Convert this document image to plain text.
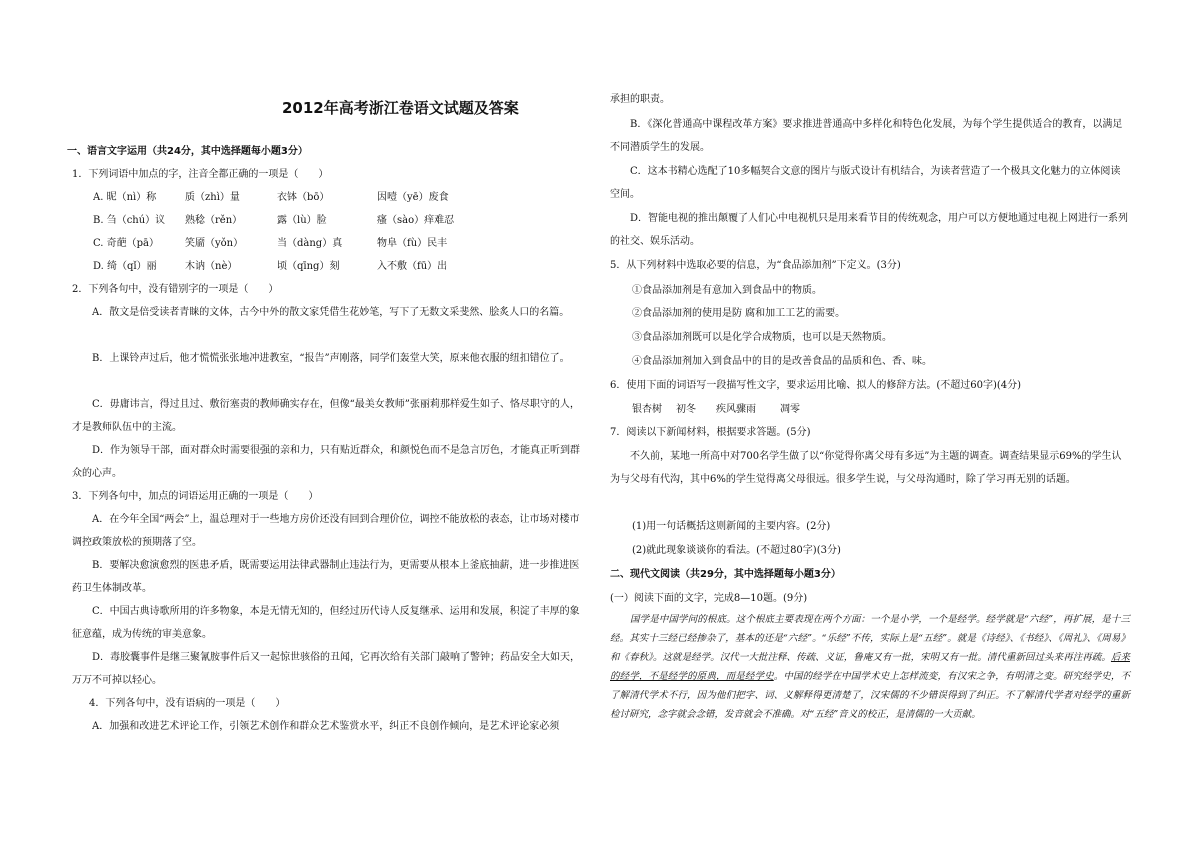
2012年高考浙江卷语文试题及答案

一、语言文字运用（共24分，其中选择题每小题3分）

1．下列词语中加点的字，注音全都正确的一项是（　　）

A. 昵（nì）称	质（zhì）量	衣钵（bō）	因噎（yē）废食

B. 刍（chú）议 熟稔（rěn）	露（lù）脸	瘙（sào）痒难忍

C. 奇葩（pā）	笑靥（yǒn）	当（dàng）真	物阜（fù）民丰

D. 绮（qǐ）丽	木讷（nè）	顷（qīng）刻	入不敷（fū）出

2．下列各句中，没有错别字的一项是（　　）

A．散文是倍受读者青睐的文体，古今中外的散文家凭借生花妙笔，写下了无数文采斐然、脍炙人口的名篇。

B．上课铃声过后，他才慌慌张张地冲进教室，“报告”声刚落，同学们轰堂大笑，原来他衣服的纽扣错位了。

C．毋庸讳言，得过且过、敷衍塞责的教师确实存在，但像“最美女教师”张丽莉那样爱生如子、恪尽职守的人，才是教师队伍中的主流。

D．作为领导干部，面对群众时需要很强的亲和力，只有贴近群众，和颜悦色而不是急言厉色，才能真正听到群众的心声。

3．下列各句中，加点的词语运用正确的一项是（　　）

A．在今年全国“两会”上，温总理对于一些地方房价还没有回到合理价位，调控不能放松的表态，让市场对楼市调控政策放松的预期落了空。

B．要解决愈演愈烈的医患矛盾，既需要运用法律武器制止违法行为，更需要从根本上釜底抽薪，进一步推进医药卫生体制改革。

C．中国古典诗歌所用的许多物象，本是无情无知的，但经过历代诗人反复继承、运用和发展，积淀了丰厚的象征意蕴，成为传统的审美意象。

D．毒胶囊事件是继三聚氰胺事件后又一起惊世骇俗的丑闻，它再次给有关部门敲响了警钟；药品安全大如天，万万不可掉以轻心。

4．下列各句中，没有语病的一项是（　　）

A．加强和改进艺术评论工作，引领艺术创作和群众艺术鉴赏水平，纠正不良创作倾向，是艺术评论家必须

承担的职责。

B．《深化普通高中课程改革方案》要求推进普通高中多样化和特色化发展，为每个学生提供适合的教育，以满足不同潜质学生的发展。

C．这本书精心选配了10多幅契合文意的图片与版式设计有机结合，为读者营造了一个极具文化魅力的立体阅读空间。

D．智能电视的推出颠覆了人们心中电视机只是用来看节目的传统观念，用户可以方便地通过电视上网进行一系列的社交、娱乐活动。

5．从下列材料中选取必要的信息，为“食品添加剂”下定义。(3分)

①食品添加剂是有意加入到食品中的物质。

②食品添加剂的使用是防 腐和加工工艺的需要。

③食品添加剂既可以是化学合成物质，也可以是天然物质。

④食品添加剂加入到食品中的目的是改善食品的品质和色、香、味。

6．使用下面的词语写一段描写性文字，要求运用比喻、拟人的修辞方法。(不超过60字)(4分)

银杏树 初冬 疾风骤雨 凋零

7．阅读以下新闻材料，根据要求答题。(5分)

不久前，某地一所高中对700名学生做了以“你觉得你离父母有多远”为主题的调查。调查结果显示69%的学生认为与父母有代沟，其中6%的学生觉得离父母很远。很多学生说，与父母沟通时，除了学习再无别的话题。

(1)用一句话概括这则新闻的主要内容。(2分)

(2)就此现象谈谈你的看法。(不超过80字)(3分)

二、现代文阅读（共29分，其中选择题每小题3分）

(一）阅读下面的文字，完成8—10题。(9分)

国学是中国学问的根底。这个根底主要表现在两个方面：一个是小学，一个是经学。经学就是“六经”，再扩展，是十三经。其实十三经已经掺杂了，基本的还是“六经”。“乐经”不传，实际上是“五经”。就是《诗经》、《书经》、《周礼》、《周易》和《春秋》。这就是经学。汉代一大批注释、传疏、义证，鲁庵又有一批，宋明又有一批。清代重新回过头来再注再疏。后来的经学，不是经学的原典，而是经学史。中国的经学在中国学术史上怎样流变，有汉宋之争，有明清之变。研究经学史，不了解清代学术不行，因为他们把字、词、义解释得更清楚了，汉宋儒的不少错误得到了纠正。不了解清代学者对经学的重新检讨研究，念字就会念错，发音就会不准确。对“五经”音义的校正，是清儒的一大贡献。
